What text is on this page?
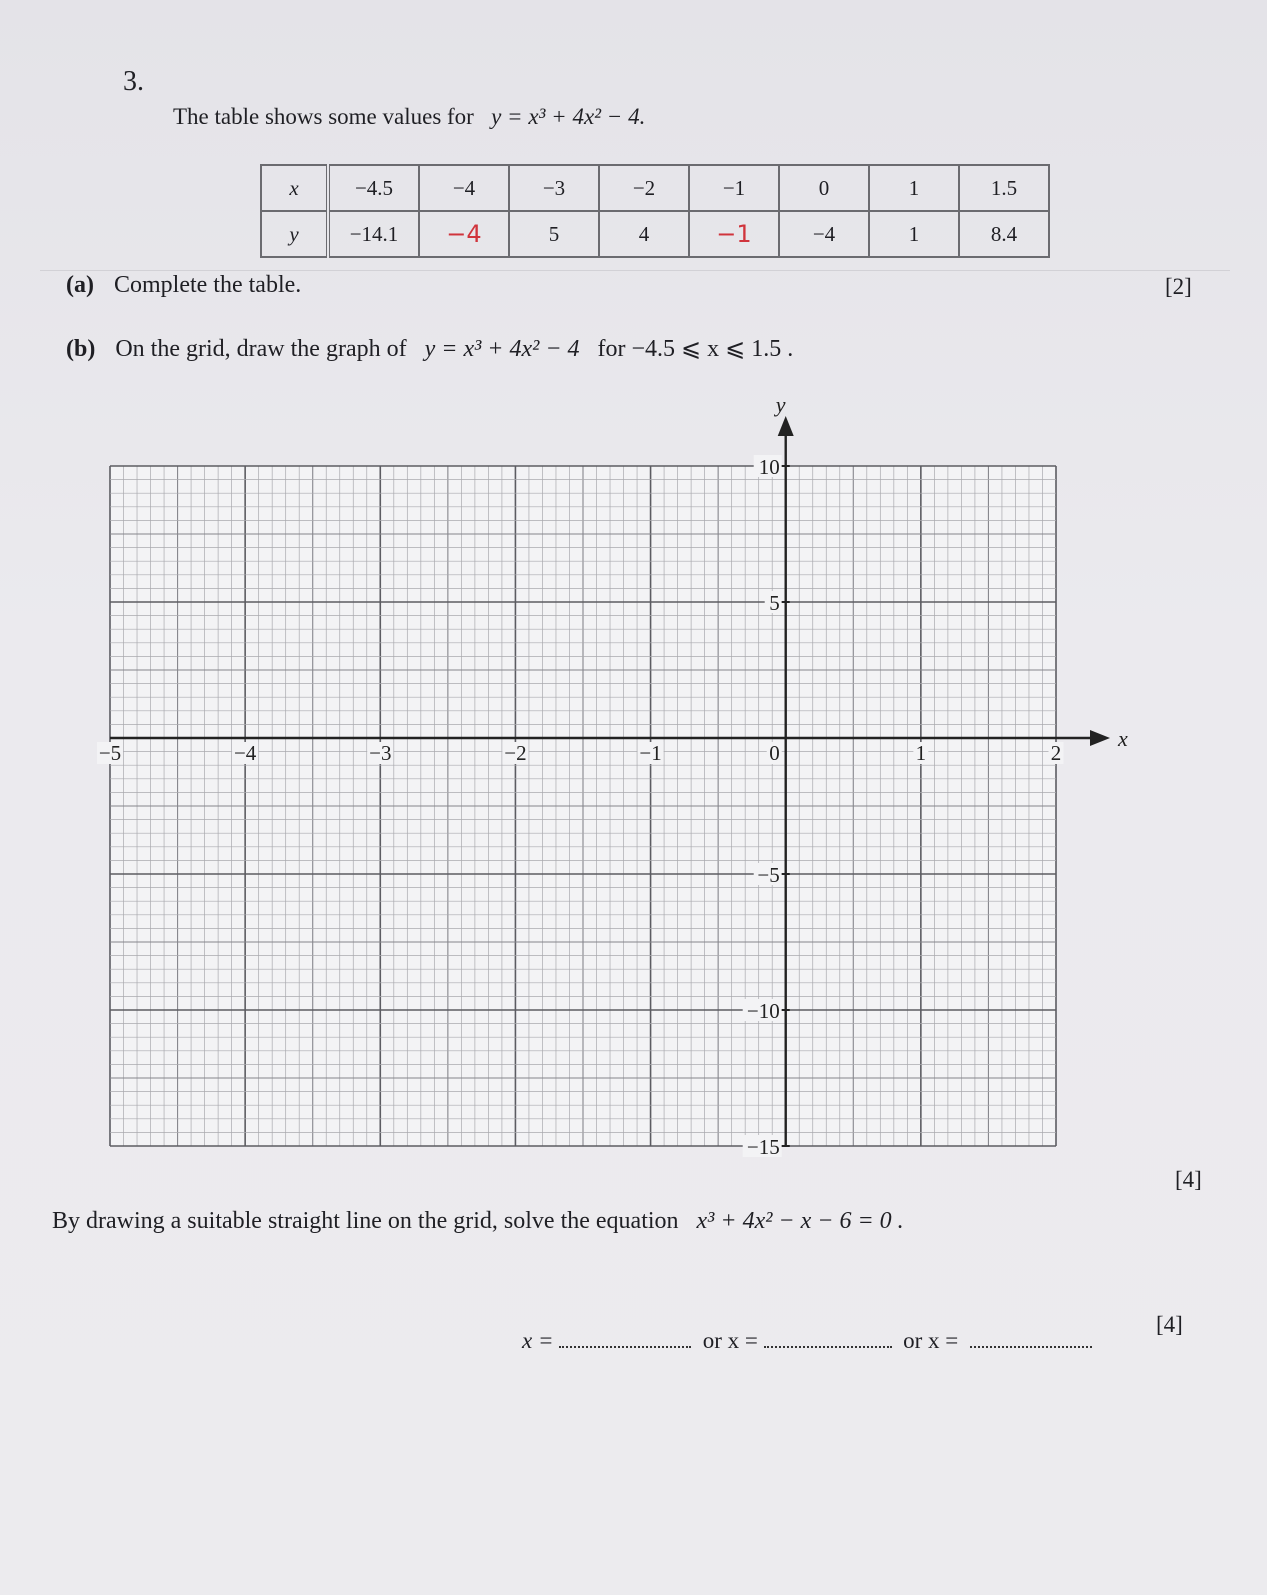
3.
The table shows some values for y = x³ + 4x² − 4.
x	−4.5	−4	−3	−2	−1	0	1	1.5
y	−14.1	−4	5	4	−1	−4	1	8.4
(a) Complete the table.	[2]
(b) On the grid, draw the graph of y = x³ + 4x² − 4 for −4.5 ⩽ x ⩽ 1.5 .
x
y
−5	−4	−3	−2	−1	0	1	2
10
5
−5
−10
−15
[4]
By drawing a suitable straight line on the grid, solve the equation x³ + 4x² − x − 6 = 0 .
x =	or x =	or x =
[4]
